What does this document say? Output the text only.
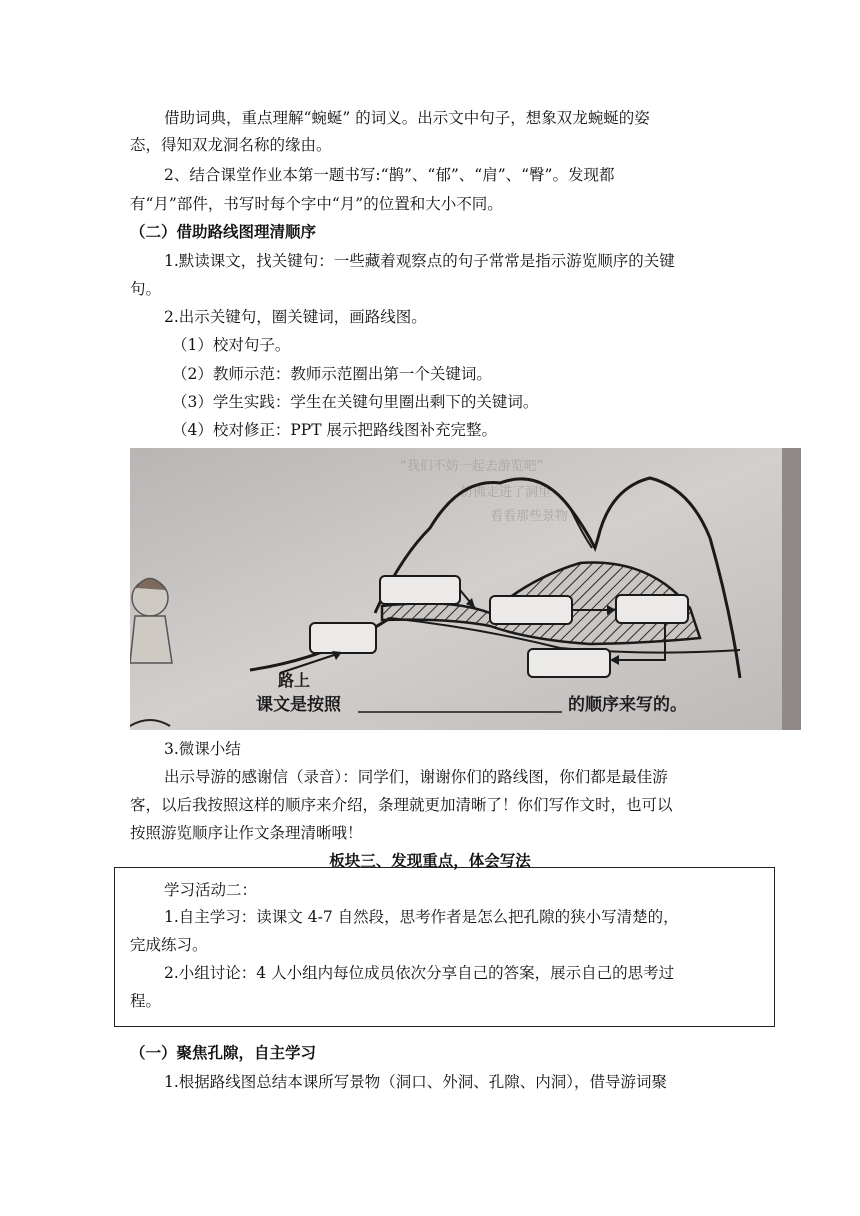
借助词典，重点理解“蜿蜒” 的词义。出示文中句子，想象双龙蜿蜒的姿
态，得知双龙洞名称的缘由。
2、结合课堂作业本第一题书写:“鹊”、“郁”、“肩”、“臀”。发现都
有“月”部件，书写时每个字中“月”的位置和大小不同。
（二）借助路线图理清顺序
1.默读课文，找关键句：一些藏着观察点的句子常常是指示游览顺序的关键
句。
2.出示关键句，圈关键词，画路线图。
（1）校对句子。
（2）教师示范：教师示范圈出第一个关键词。
（3）学生实践：学生在关键句里圈出剩下的关键词。
（4）校对修正：PPT 展示把路线图补充完整。
“我们不妨一起去游览吧”
仿佛走进了洞里
看看那些景物
路上
课文是按照	的顺序来写的。
3.微课小结
出示导游的感谢信（录音）：同学们，谢谢你们的路线图，你们都是最佳游
客，以后我按照这样的顺序来介绍，条理就更加清晰了！你们写作文时，也可以
按照游览顺序让作文条理清晰哦！
板块三、发现重点，体会写法
学习活动二：
1.自主学习：读课文 4-7 自然段，思考作者是怎么把孔隙的狭小写清楚的，
完成练习。
2.小组讨论：4 人小组内每位成员依次分享自己的答案，展示自己的思考过
程。
（一）聚焦孔隙，自主学习
1.根据路线图总结本课所写景物（洞口、外洞、孔隙、内洞），借导游词聚
